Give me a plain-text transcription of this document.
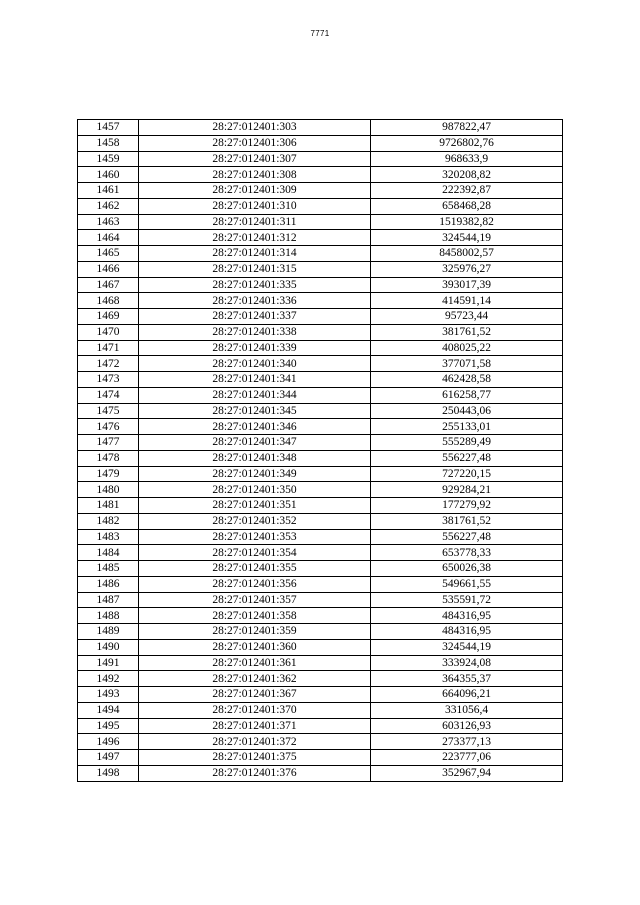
7771
1457	28:27:012401:303	987822,47
1458	28:27:012401:306	9726802,76
1459	28:27:012401:307	968633,9
1460	28:27:012401:308	320208,82
1461	28:27:012401:309	222392,87
1462	28:27:012401:310	658468,28
1463	28:27:012401:311	1519382,82
1464	28:27:012401:312	324544,19
1465	28:27:012401:314	8458002,57
1466	28:27:012401:315	325976,27
1467	28:27:012401:335	393017,39
1468	28:27:012401:336	414591,14
1469	28:27:012401:337	95723,44
1470	28:27:012401:338	381761,52
1471	28:27:012401:339	408025,22
1472	28:27:012401:340	377071,58
1473	28:27:012401:341	462428,58
1474	28:27:012401:344	616258,77
1475	28:27:012401:345	250443,06
1476	28:27:012401:346	255133,01
1477	28:27:012401:347	555289,49
1478	28:27:012401:348	556227,48
1479	28:27:012401:349	727220,15
1480	28:27:012401:350	929284,21
1481	28:27:012401:351	177279,92
1482	28:27:012401:352	381761,52
1483	28:27:012401:353	556227,48
1484	28:27:012401:354	653778,33
1485	28:27:012401:355	650026,38
1486	28:27:012401:356	549661,55
1487	28:27:012401:357	535591,72
1488	28:27:012401:358	484316,95
1489	28:27:012401:359	484316,95
1490	28:27:012401:360	324544,19
1491	28:27:012401:361	333924,08
1492	28:27:012401:362	364355,37
1493	28:27:012401:367	664096,21
1494	28:27:012401:370	331056,4
1495	28:27:012401:371	603126,93
1496	28:27:012401:372	273377,13
1497	28:27:012401:375	223777,06
1498	28:27:012401:376	352967,94
